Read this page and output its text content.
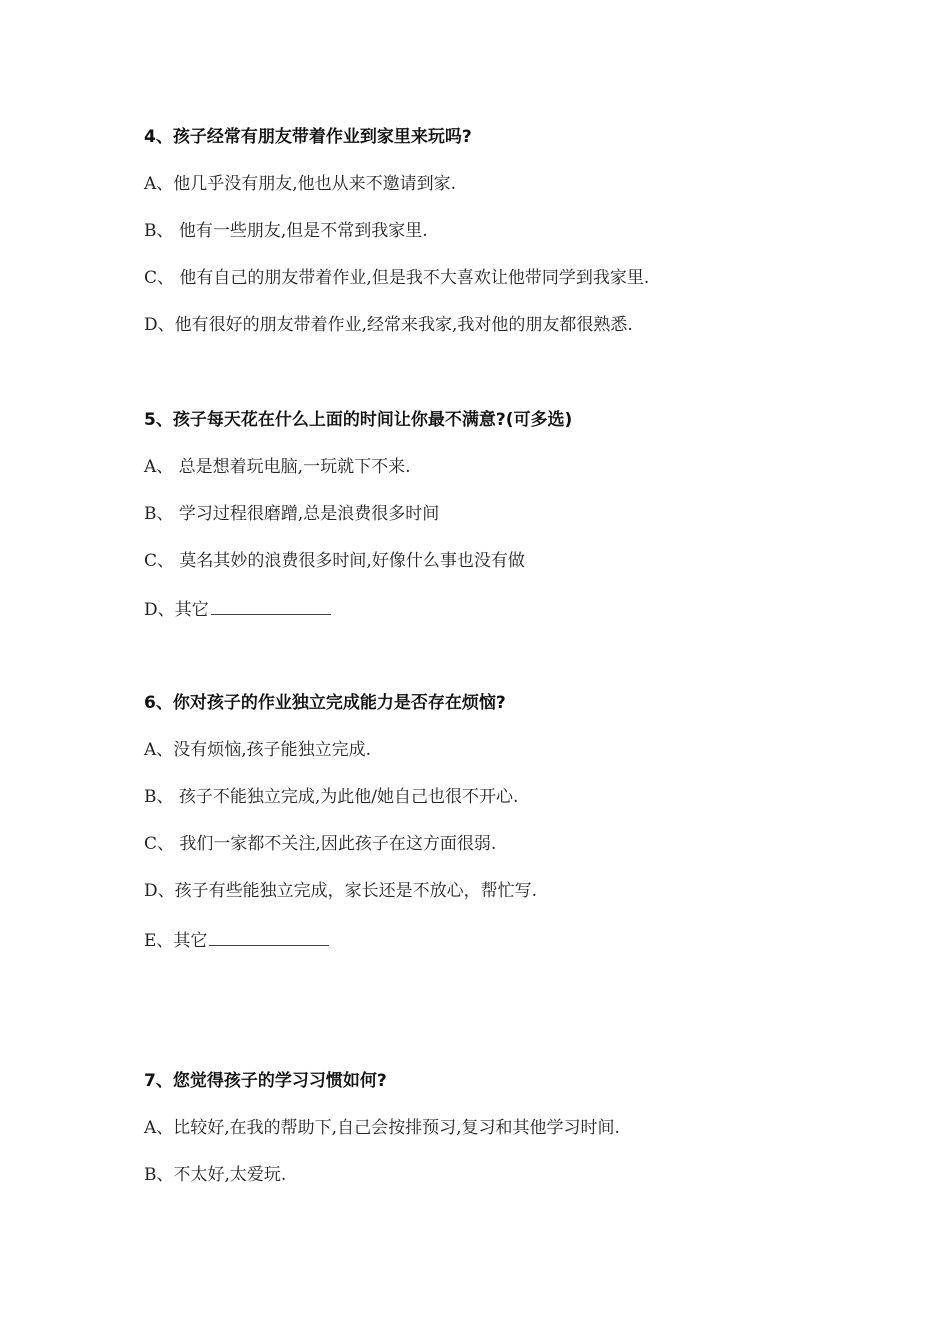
4、孩子经常有朋友带着作业到家里来玩吗?
A、他几乎没有朋友,他也从来不邀请到家.
B、 他有一些朋友,但是不常到我家里.
C、 他有自己的朋友带着作业,但是我不大喜欢让他带同学到我家里.
D、他有很好的朋友带着作业,经常来我家,我对他的朋友都很熟悉.
5、孩子每天花在什么上面的时间让你最不满意?(可多选)
A、 总是想着玩电脑,一玩就下不来.
B、 学习过程很磨蹭,总是浪费很多时间
C、 莫名其妙的浪费很多时间,好像什么事也没有做
D、其它
6、你对孩子的作业独立完成能力是否存在烦恼?
A、没有烦恼,孩子能独立完成.
B、 孩子不能独立完成,为此他/她自己也很不开心.
C、 我们一家都不关注,因此孩子在这方面很弱.
D、孩子有些能独立完成，家长还是不放心，帮忙写.
E、其它
7、您觉得孩子的学习习惯如何?
A、比较好,在我的帮助下,自己会按排预习,复习和其他学习时间.
B、不太好,太爱玩.
